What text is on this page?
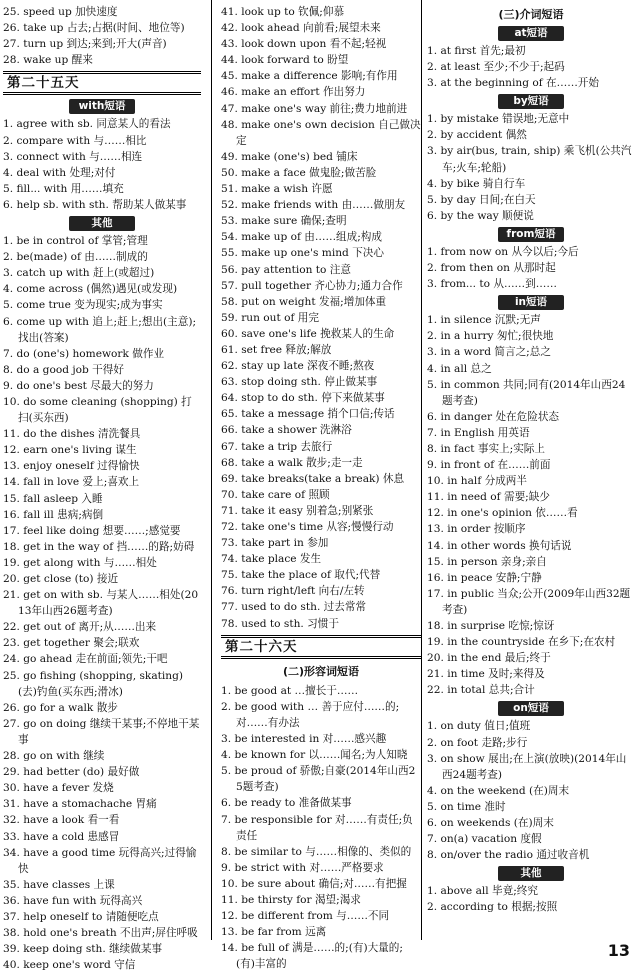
25. speed up 加快速度
26. take up 占去;占据(时间、地位等)
27. turn up 到达;来到;开大(声音)
28. wake up 醒来
第二十五天
with短语
1. agree with sb. 同意某人的看法
2. compare with 与……相比
3. connect with 与……相连
4. deal with 处理;对付
5. fill... with 用……填充
6. help sb. with sth. 帮助某人做某事
其他
1. be in control of 掌管;管理
2. be(made) of 由……制成的
3. catch up with 赶上(或超过)
4. come across (偶然)遇见(或发现)
5. come true 变为现实;成为事实
6. come up with 追上;赶上;想出(主意);找出(答案)
7. do (one's) homework 做作业
8. do a good job 干得好
9. do one's best 尽最大的努力
10. do some cleaning (shopping) 打扫(买东西)
11. do the dishes 清洗餐具
12. earn one's living 谋生
13. enjoy oneself 过得愉快
14. fall in love 爱上;喜欢上
15. fall asleep 入睡
16. fall ill 患病;病倒
17. feel like doing 想要……;感觉要
18. get in the way of 挡……的路;妨碍
19. get along with 与……相处
20. get close (to) 接近
21. get on with sb. 与某人……相处(2013年山西26题考查)
22. get out of 离开;从……出来
23. get together 聚会;联欢
24. go ahead 走在前面;领先;干吧
25. go fishing (shopping, skating) (去)钓鱼(买东西;滑冰)
26. go for a walk 散步
27. go on doing 继续干某事;不停地干某事
28. go on with 继续
29. had better (do) 最好做
30. have a fever 发烧
31. have a stomachache 胃痛
32. have a look 看一看
33. have a cold 患感冒
34. have a good time 玩得高兴;过得愉快
35. have classes 上课
36. have fun with 玩得高兴
37. help oneself to 请随便吃点
38. hold one's breath 不出声;屏住呼吸
39. keep doing sth. 继续做某事
40. keep one's word 守信
41. look up to 钦佩;仰慕
42. look ahead 向前看;展望未来
43. look down upon 看不起;轻视
44. look forward to 盼望
45. make a difference 影响;有作用
46. make an effort 作出努力
47. make one's way 前往;费力地前进
48. make one's own decision 自己做决定
49. make (one's) bed 铺床
50. make a face 做鬼脸;做苦脸
51. make a wish 许愿
52. make friends with 由……做朋友
53. make sure 确保;查明
54. make up of 由……组成;构成
55. make up one's mind 下决心
56. pay attention to 注意
57. pull together 齐心协力;通力合作
58. put on weight 发福;增加体重
59. run out of 用完
60. save one's life 挽救某人的生命
61. set free 释放;解放
62. stay up late 深夜不睡;熬夜
63. stop doing sth. 停止做某事
64. stop to do sth. 停下来做某事
65. take a message 捎个口信;传话
66. take a shower 洗淋浴
67. take a trip 去旅行
68. take a walk 散步;走一走
69. take breaks(take a break) 休息
70. take care of 照顾
71. take it easy 别着急;别紧张
72. take one's time 从容;慢慢行动
73. take part in 参加
74. take place 发生
75. take the place of 取代;代替
76. turn right/left 向右/左转
77. used to do sth. 过去常常
78. used to sth. 习惯于
第二十六天
(二)形容词短语
1. be good at …擅长于……
2. be good with … 善于应付……的;对……有办法
3. be interested in 对……感兴趣
4. be known for 以……闻名;为人知晓
5. be proud of 骄傲;自豪(2014年山西25题考查)
6. be ready to 准备做某事
7. be responsible for 对……有责任;负责任
8. be similar to 与……相像的、类似的
9. be strict with 对……严格要求
10. be sure about 确信;对……有把握
11. be thirsty for 渴望;渴求
12. be different from 与……不同
13. be far from 远离
14. be full of 满是……的;(有)大量的;(有)丰富的
(三)介词短语
at短语
1. at first 首先;最初
2. at least 至少;不少于;起码
3. at the beginning of 在……开始
by短语
1. by mistake 错误地;无意中
2. by accident 偶然
3. by air(bus, train, ship) 乘飞机(公共汽车;火车;轮船)
4. by bike 骑自行车
5. by day 日间;在白天
6. by the way 顺便说
from短语
1. from now on 从今以后;今后
2. from then on 从那时起
3. from... to 从……到……
in短语
1. in silence 沉默;无声
2. in a hurry 匆忙;很快地
3. in a word 简言之;总之
4. in all 总之
5. in common 共同;同有(2014年山西24题考查)
6. in danger 处在危险状态
7. in English 用英语
8. in fact 事实上;实际上
9. in front of 在……前面
10. in half 分成两半
11. in need of 需要;缺少
12. in one's opinion 依……看
13. in order 按顺序
14. in other words 换句话说
15. in person 亲身;亲自
16. in peace 安静;宁静
17. in public 当众;公开(2009年山西32题考查)
18. in surprise 吃惊;惊讶
19. in the countryside 在乡下;在农村
20. in the end 最后;终于
21. in time 及时;来得及
22. in total 总共;合计
on短语
1. on duty 值日;值班
2. on foot 走路;步行
3. on show 展出;在上演(放映)(2014年山西24题考查)
4. on the weekend (在)周末
5. on time 准时
6. on weekends (在)周末
7. on(a) vacation 度假
8. on/over the radio 通过收音机
其他
1. above all 毕竟;终究
2. according to 根据;按照
13
